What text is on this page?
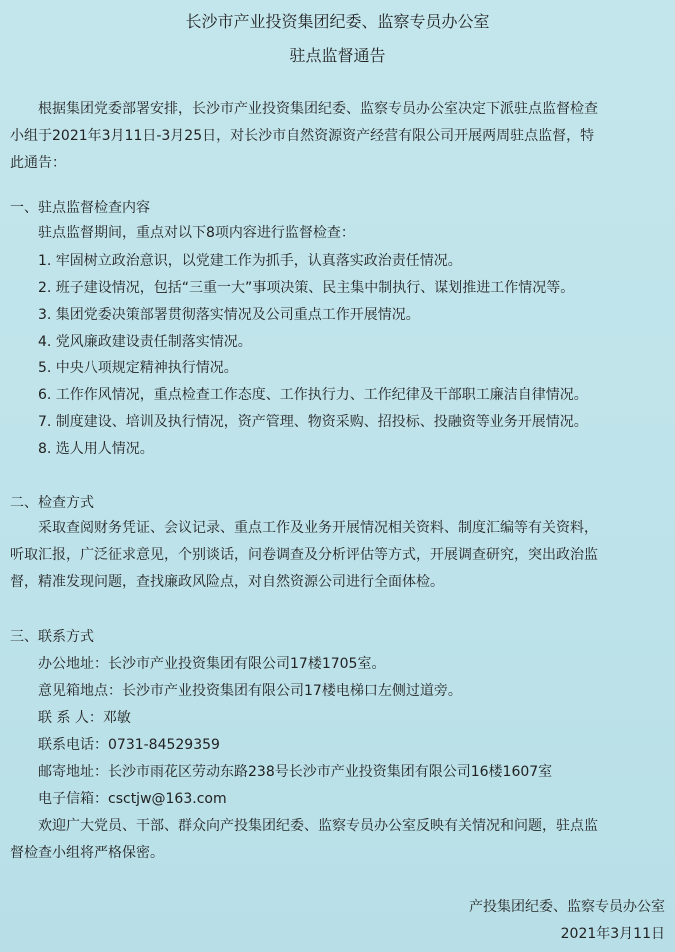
长沙市产业投资集团纪委、监察专员办公室
驻点监督通告
根据集团党委部署安排，长沙市产业投资集团纪委、监察专员办公室决定下派驻点监督检查
小组于2021年3月11日-3月25日，对长沙市自然资源资产经营有限公司开展两周驻点监督，特
此通告：
一、驻点监督检查内容
驻点监督期间，重点对以下8项内容进行监督检查：
1. 牢固树立政治意识，以党建工作为抓手，认真落实政治责任情况。
2. 班子建设情况，包括“三重一大”事项决策、民主集中制执行、谋划推进工作情况等。
3. 集团党委决策部署贯彻落实情况及公司重点工作开展情况。
4. 党风廉政建设责任制落实情况。
5. 中央八项规定精神执行情况。
6. 工作作风情况，重点检查工作态度、工作执行力、工作纪律及干部职工廉洁自律情况。
7. 制度建设、培训及执行情况，资产管理、物资采购、招投标、投融资等业务开展情况。
8. 选人用人情况。
二、检查方式
采取查阅财务凭证、会议记录、重点工作及业务开展情况相关资料、制度汇编等有关资料，
听取汇报，广泛征求意见，个别谈话，问卷调查及分析评估等方式，开展调查研究，突出政治监
督，精准发现问题，查找廉政风险点，对自然资源公司进行全面体检。
三、联系方式
办公地址：长沙市产业投资集团有限公司17楼1705室。
意见箱地点：长沙市产业投资集团有限公司17楼电梯口左侧过道旁。
联 系 人：邓敏
联系电话：0731-84529359
邮寄地址：长沙市雨花区劳动东路238号长沙市产业投资集团有限公司16楼1607室
电子信箱：csctjw@163.com
欢迎广大党员、干部、群众向产投集团纪委、监察专员办公室反映有关情况和问题，驻点监
督检查小组将严格保密。
产投集团纪委、监察专员办公室
2021年3月11日
